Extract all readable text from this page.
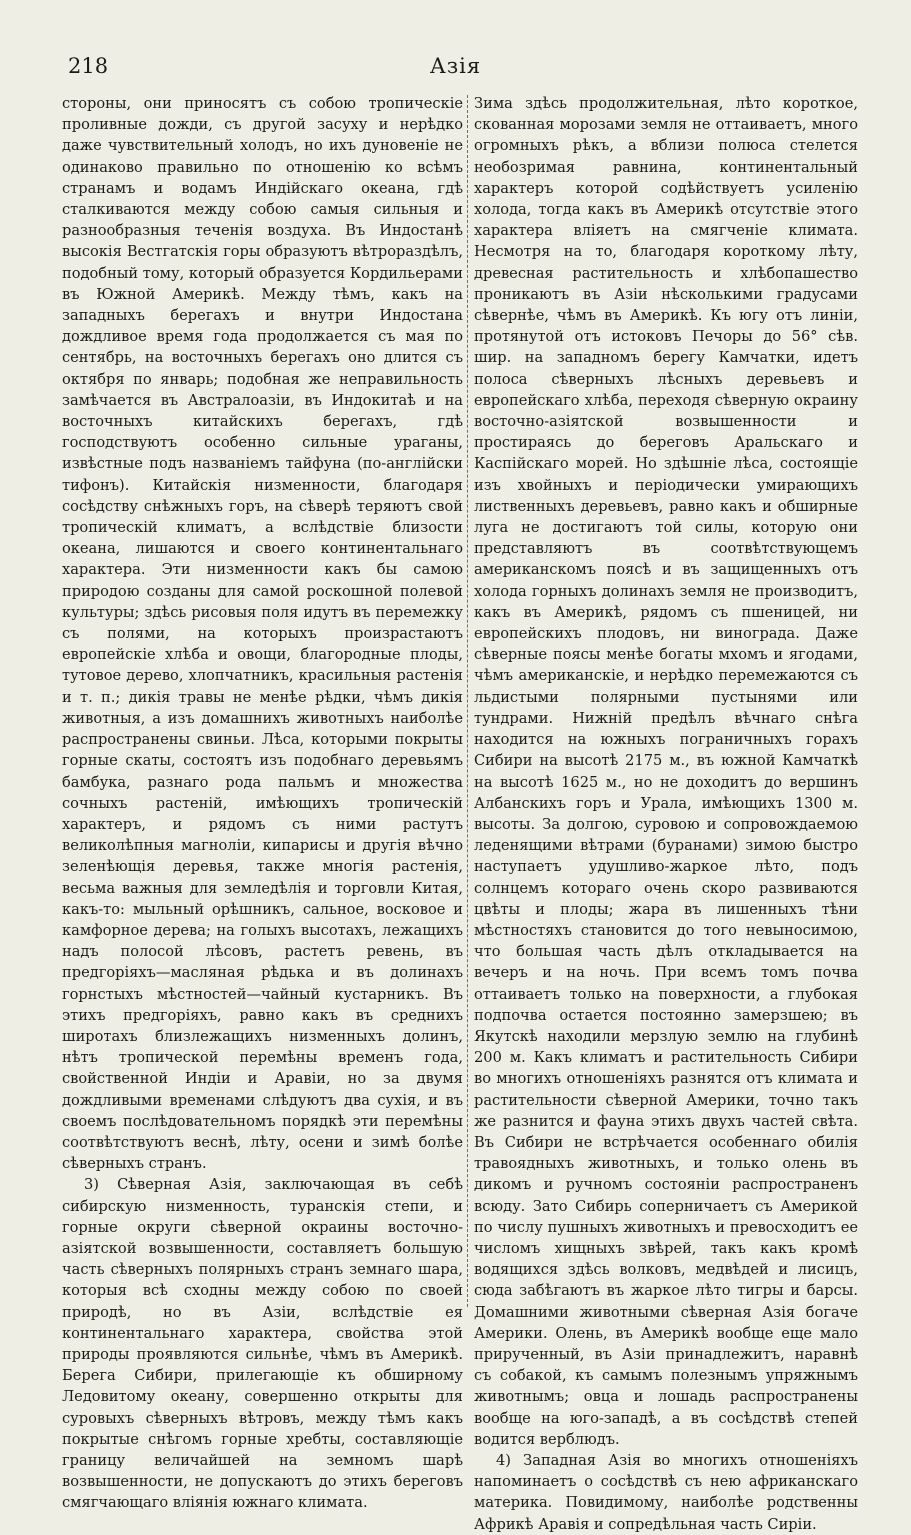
218	Азія

стороны, они приносятъ съ собою тропическіе проливные дожди, съ другой засуху и нерѣдко даже чувствительный холодъ, но ихъ дуновеніе не одинаково правильно по отношенію ко всѣмъ странамъ и водамъ Индійскаго океана, гдѣ сталкиваются между собою самыя сильныя и разнообразныя теченія воздуха. Въ Индостанѣ высокія Вестгатскія горы образуютъ вѣтрораздѣлъ, подобный тому, который образуется Кордильерами въ Южной Америкѣ. Между тѣмъ, какъ на западныхъ берегахъ и внутри Индостана дождливое время года продолжается съ мая по сентябрь, на восточныхъ берегахъ оно длится съ октября по январь; подобная же неправильность замѣчается въ Австралоазіи, въ Индокитаѣ и на восточныхъ китайскихъ берегахъ, гдѣ господствуютъ особенно сильные ураганы, извѣстные подъ названіемъ тайфуна (по-англійски тифонъ). Китайскія низменности, благодаря сосѣдству снѣжныхъ горъ, на сѣверѣ теряютъ свой тропическій климатъ, а вслѣдствіе близости океана, лишаются и своего континентальнаго характера. Эти низменности какъ бы самою природою созданы для самой роскошной полевой культуры; здѣсь рисовыя поля идутъ въ перемежку съ полями, на которыхъ произрастаютъ европейскіе хлѣба и овощи, благородные плоды, тутовое дерево, хлопчатникъ, красильныя растенія и т. п.; дикія травы не менѣе рѣдки, чѣмъ дикія животныя, а изъ домашнихъ животныхъ наиболѣе распространены свиньи. Лѣса, которыми покрыты горные скаты, состоятъ изъ подобнаго деревьямъ бамбука, разнаго рода пальмъ и множества сочныхъ растеній, имѣющихъ тропическій характеръ, и рядомъ съ ними растутъ великолѣпныя магноліи, кипарисы и другія вѣчно зеленѣющія деревья, также многія растенія, весьма важныя для земледѣлія и торговли Китая, какъ-то: мыльный орѣшникъ, сальное, восковое и камфорное дерева; на голыхъ высотахъ, лежащихъ надъ полосой лѣсовъ, растетъ ревень, въ предгоріяхъ—масляная рѣдька и въ долинахъ горнстыхъ мѣстностей—чайный кустарникъ. Въ этихъ предгоріяхъ, равно какъ въ среднихъ широтахъ близлежащихъ низменныхъ долинъ, нѣтъ тропической перемѣны временъ года, свойственной Индіи и Аравіи, но за двумя дождливыми временами слѣдуютъ два сухія, и въ своемъ послѣдовательномъ порядкѣ эти перемѣны соотвѣтствуютъ веснѣ, лѣту, осени и зимѣ болѣе сѣверныхъ странъ.

3) Сѣверная Азія, заключающая въ себѣ сибирскую низменность, туранскія степи, и горные округи сѣверной окраины восточно-азіятской возвышенности, составляетъ большую часть сѣверныхъ полярныхъ странъ земнаго шара, которыя всѣ сходны между собою по своей природѣ, но въ Азіи, вслѣдствіе ея континентальнаго характера, свойства этой природы проявляются сильнѣе, чѣмъ въ Америкѣ. Берега Сибири, прилегающіе къ обширному Ледовитому океану, совершенно открыты для суровыхъ сѣверныхъ вѣтровъ, между тѣмъ какъ покрытые снѣгомъ горные хребты, составляющіе границу величайшей на земномъ шарѣ возвышенности, не допускаютъ до этихъ береговъ смягчающаго вліянія южнаго климата.

Зима здѣсь продолжительная, лѣто короткое, скованная морозами земля не оттаиваетъ, много огромныхъ рѣкъ, а вблизи полюса стелется необозримая равнина, континентальный характеръ которой содѣйствуетъ усиленію холода, тогда какъ въ Америкѣ отсутствіе этого характера вліяетъ на смягченіе климата. Несмотря на то, благодаря короткому лѣту, древесная растительность и хлѣбопашество проникаютъ въ Азіи нѣсколькими градусами сѣвернѣе, чѣмъ въ Америкѣ. Къ югу отъ линіи, протянутой отъ истоковъ Печоры до 56° сѣв. шир. на западномъ берегу Камчатки, идетъ полоса сѣверныхъ лѣсныхъ деревьевъ и европейскаго хлѣба, переходя сѣверную окраину восточно-азіятской возвышенности и простираясь до береговъ Аральскаго и Каспійскаго морей. Но здѣшніе лѣса, состоящіе изъ хвойныхъ и періодически умирающихъ лиственныхъ деревьевъ, равно какъ и обширные луга не достигаютъ той силы, которую они представляютъ въ соотвѣтствующемъ американскомъ поясѣ и въ защищенныхъ отъ холода горныхъ долинахъ земля не производитъ, какъ въ Америкѣ, рядомъ съ пшеницей, ни европейскихъ плодовъ, ни винограда. Даже сѣверные поясы менѣе богаты мхомъ и ягодами, чѣмъ американскіе, и нерѣдко перемежаются съ льдистыми полярными пустынями или тундрами. Нижній предѣлъ вѣчнаго снѣга находится на южныхъ пограничныхъ горахъ Сибири на высотѣ 2175 м., въ южной Камчаткѣ на высотѣ 1625 м., но не доходитъ до вершинъ Албанскихъ горъ и Урала, имѣющихъ 1300 м. высоты. За долгою, суровою и сопровождаемою леденящими вѣтрами (буранами) зимою быстро наступаетъ удушливо-жаркое лѣто, подъ солнцемъ котораго очень скоро развиваются цвѣты и плоды; жара въ лишенныхъ тѣни мѣстностяхъ становится до того невыносимою, что большая часть дѣлъ откладывается на вечеръ и на ночь. При всемъ томъ почва оттаиваетъ только на поверхности, а глубокая подпочва остается постоянно замерзшею; въ Якутскѣ находили мерзлую землю на глубинѣ 200 м. Какъ климатъ и растительность Сибири во многихъ отношеніяхъ разнятся отъ климата и растительности сѣверной Америки, точно такъ же разнится и фауна этихъ двухъ частей свѣта. Въ Сибири не встрѣчается особеннаго обилія травоядныхъ животныхъ, и только олень въ дикомъ и ручномъ состояніи распространенъ всюду. Зато Сибирь соперничаетъ съ Америкой по числу пушныхъ животныхъ и превосходитъ ее числомъ хищныхъ звѣрей, такъ какъ кромѣ водящихся здѣсь волковъ, медвѣдей и лисицъ, сюда забѣгаютъ въ жаркое лѣто тигры и барсы. Домашними животными сѣверная Азія богаче Америки. Олень, въ Америкѣ вообще еще мало прирученный, въ Азіи принадлежитъ, наравнѣ съ собакой, къ самымъ полезнымъ упряжнымъ животнымъ; овца и лошадь распространены вообще на юго-западѣ, а въ сосѣдствѣ степей водится верблюдъ.

4) Западная Азія во многихъ отношеніяхъ напоминаетъ о сосѣдствѣ съ нею африканскаго материка. Повидимому, наиболѣе родственны Африкѣ Аравія и сопредѣльная часть Сиріи.
